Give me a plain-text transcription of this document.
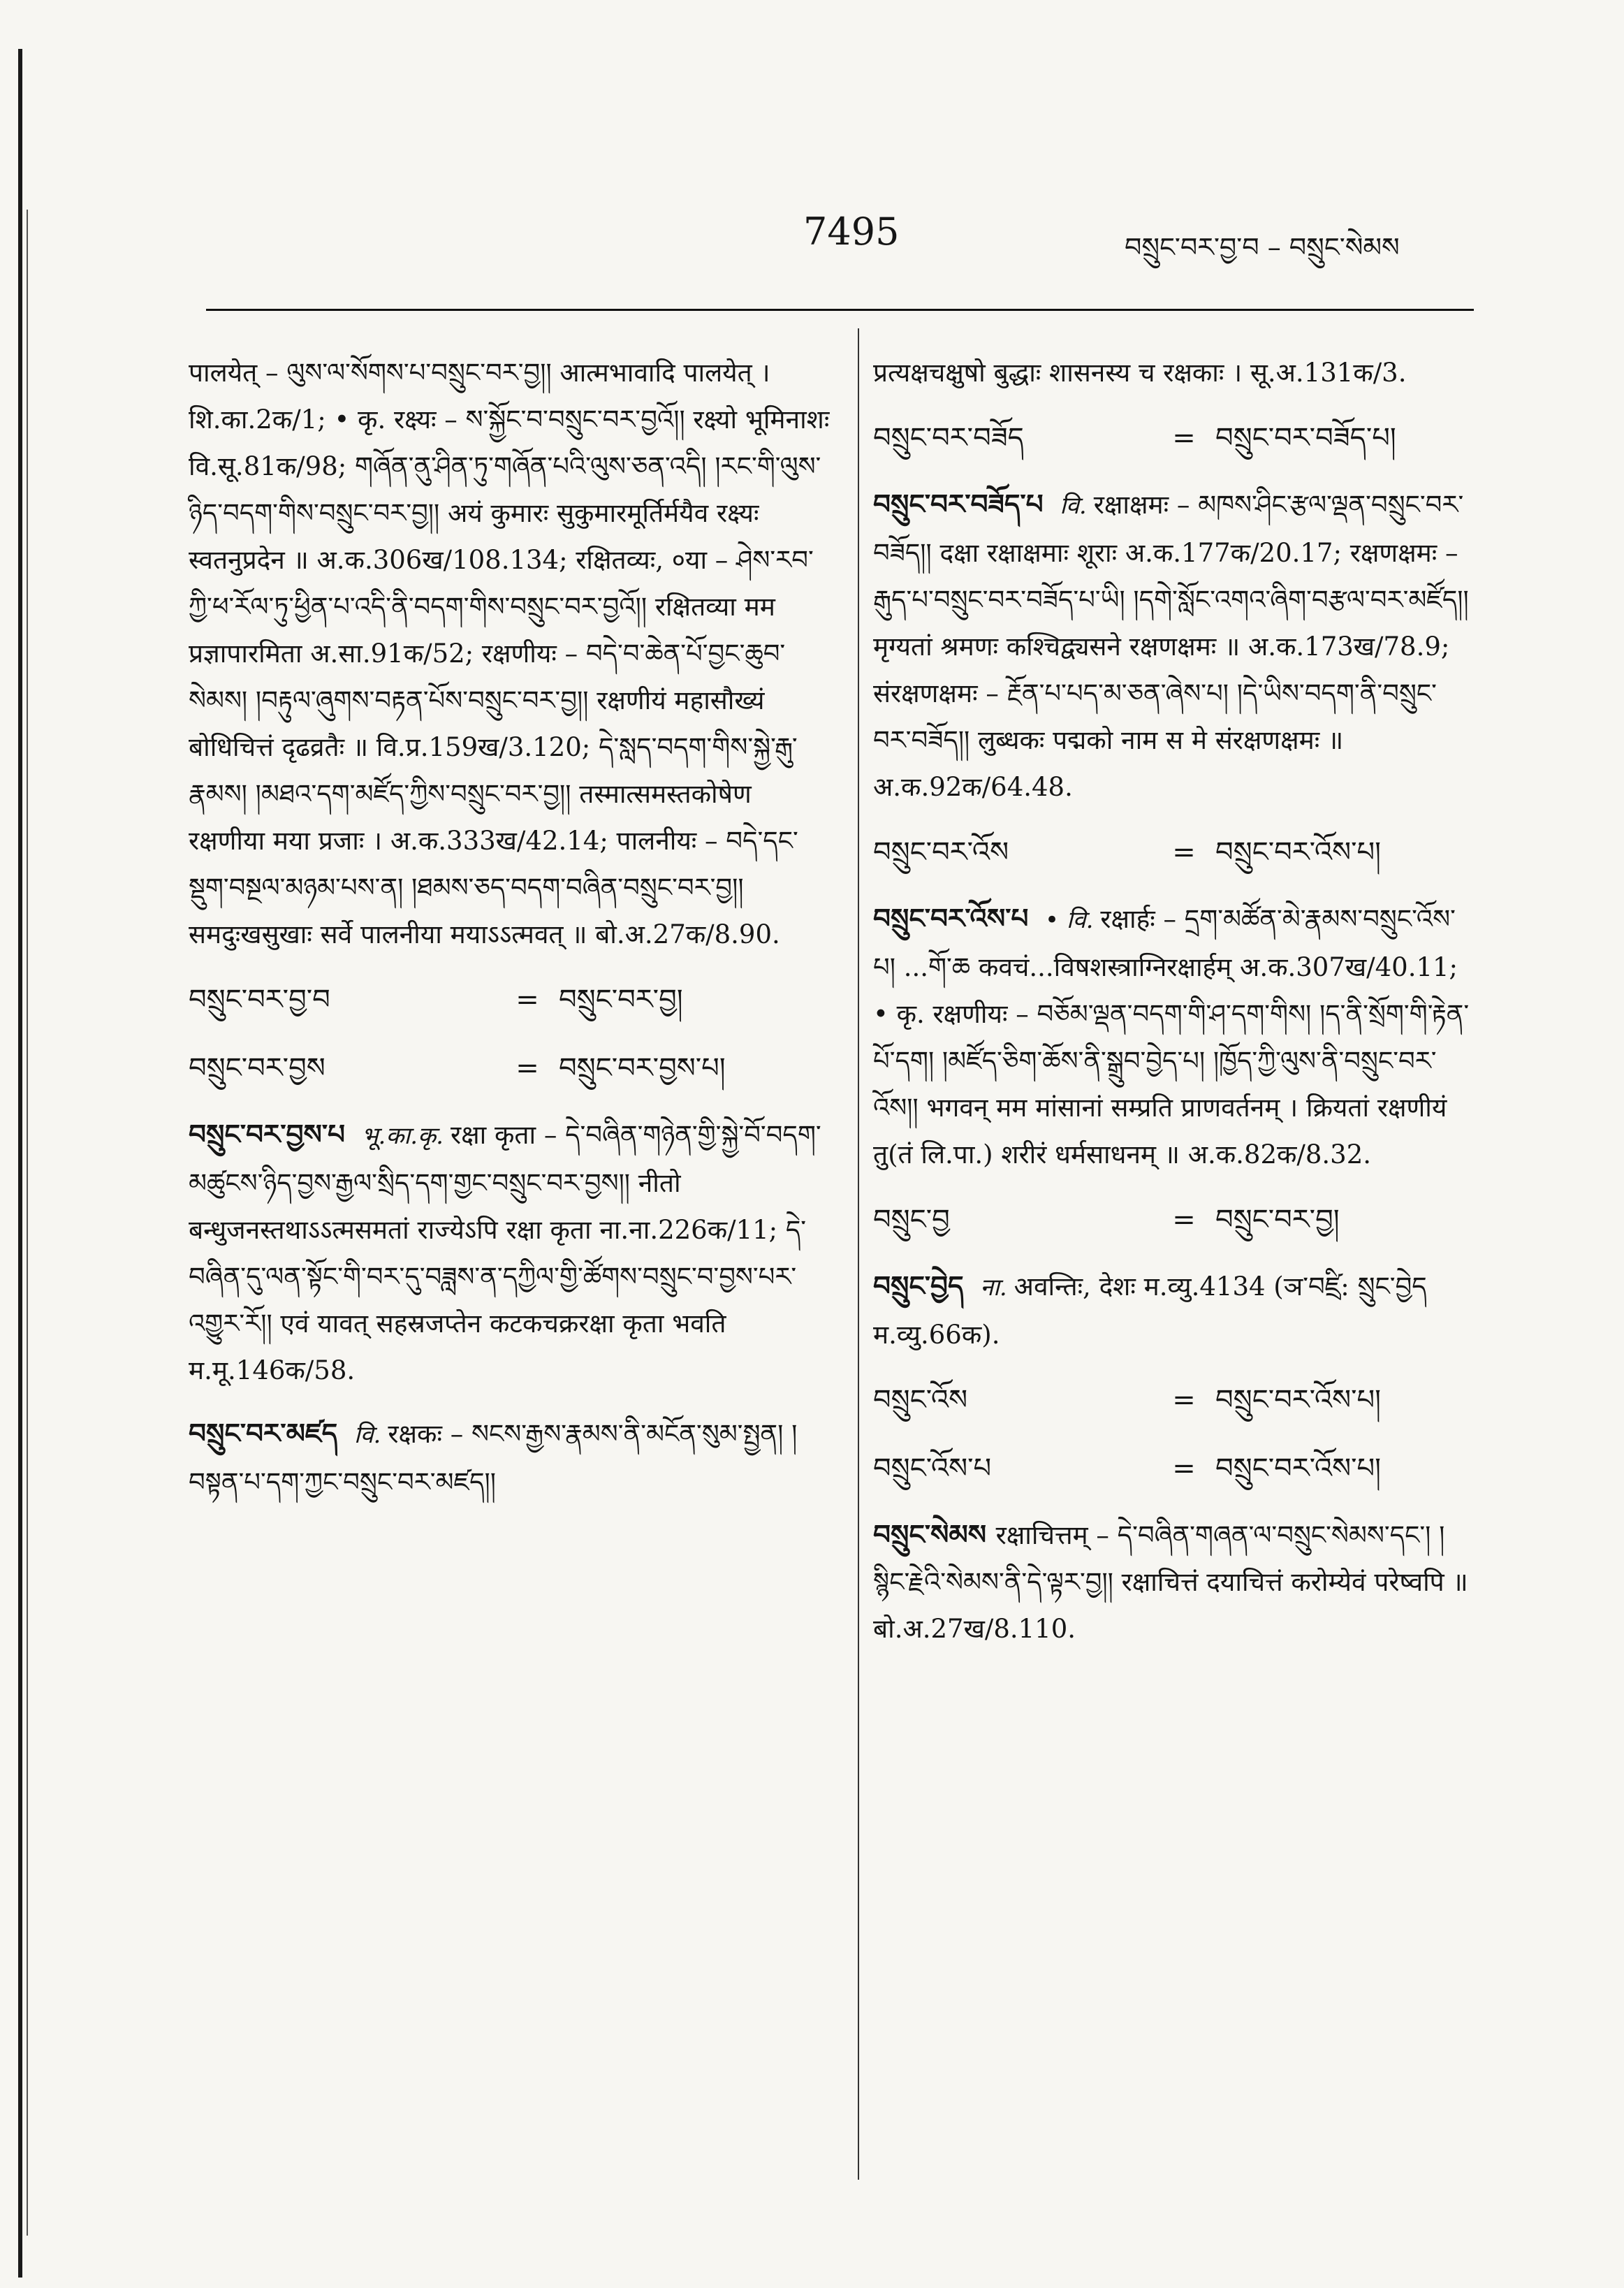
7495	བསྲུང་བར་བྱ་བ – བསྲུང་སེམས
पालयेत् – ལུས་ལ་སོགས་པ་བསྲུང་བར་བྱ།། आत्मभावादि पालयेत् । शि.का.2क/1; • कृ. रक्ष्यः – ས་སྐྱོང་བ་བསྲུང་བར་བྱའོ།། रक्ष्यो भूमिनाशः वि.सू.81क/98; གཞོན་ནུ་ཤིན་ཏུ་གཞོན་པའི་ལུས་ཅན་འདི། །རང་གི་ལུས་ཉིད་བདག་གིས་བསྲུང་བར་བྱ།། अयं कुमारः सुकुमारमूर्तिर्मयैव रक्ष्यः स्वतनुप्रदेन ॥ अ.क.306ख/108.134; रक्षितव्यः, ०या – ཤེས་རབ་ཀྱི་ཕ་རོལ་ཏུ་ཕྱིན་པ་འདི་ནི་བདག་གིས་བསྲུང་བར་བྱའོ།། रक्षितव्या मम प्रज्ञापारमिता अ.सा.91क/52; रक्षणीयः – བདེ་བ་ཆེན་པོ་བྱང་ཆུབ་སེམས། །བརྟུལ་ཞུགས་བརྟན་པོས་བསྲུང་བར་བྱ།། रक्षणीयं महासौख्यं बोधिचित्तं दृढव्रतैः ॥ वि.प्र.159ख/3.120; དེ་སླད་བདག་གིས་སྐྱེ་རྒུ་རྣམས། །མཐའ་དག་མཛོད་ཀྱིས་བསྲུང་བར་བྱ།། तस्मात्समस्तकोषेण रक्षणीया मया प्रजाः । अ.क.333ख/42.14; पालनीयः – བདེ་དང་སྡུག་བསྔལ་མཉམ་པས་ན། །ཐམས་ཅད་བདག་བཞིན་བསྲུང་བར་བྱ།། समदुःखसुखाः सर्वे पालनीया मयाऽऽत्मवत् ॥ बो.अ.27क/8.90.
བསྲུང་བར་བྱ་བ	= བསྲུང་བར་བྱ།
བསྲུང་བར་བྱས	= བསྲུང་བར་བྱས་པ།
བསྲུང་བར་བྱས་པ भू.का.कृ. रक्षा कृता – དེ་བཞིན་གཉེན་གྱི་སྐྱེ་བོ་བདག་མཚུངས་ཉིད་བྱས་རྒྱལ་སྲིད་དག་གྱང་བསྲུང་བར་བྱས།། नीतो बन्धुजनस्तथाऽऽत्मसमतां राज्येऽपि रक्षा कृता ना.ना.226क/11; དེ་བཞིན་དུ་ལན་སྟོང་གི་བར་དུ་བཟླས་ན་དཀྱིལ་གྱི་ཚོགས་བསྲུང་བ་བྱས་པར་འགྱུར་རོ།། एवं यावत् सहस्रजप्तेन कटकचक्ररक्षा कृता भवति म.मू.146क/58.
བསྲུང་བར་མཛད वि. रक्षकः – སངས་རྒྱས་རྣམས་ནི་མངོན་སུམ་སྤྱན། །བསྟན་པ་དག་ཀྱང་བསྲུང་བར་མཛད།།
प्रत्यक्षचक्षुषो बुद्धाः शासनस्य च रक्षकाः । सू.अ.131क/3.
བསྲུང་བར་བཟོད	= བསྲུང་བར་བཟོད་པ།
བསྲུང་བར་བཟོད་པ वि. रक्षाक्षमः – མཁས་ཤིང་རྩལ་ལྡན་བསྲུང་བར་བཟོད།། दक्षा रक्षाक्षमाः शूराः अ.क.177क/20.17; रक्षणक्षमः – རྒུད་པ་བསྲུང་བར་བཟོད་པ་ཡི། །དགེ་སློང་འགའ་ཞིག་བརྩལ་བར་མཛོད།། मृग्यतां श्रमणः कश्चिद्व्यसने रक्षणक्षमः ॥ अ.क.173ख/78.9; संरक्षणक्षमः – རྔོན་པ་པད་མ་ཅན་ཞེས་པ། །དེ་ཡིས་བདག་ནི་བསྲུང་བར་བཟོད།། लुब्धकः पद्मको नाम स मे संरक्षणक्षमः ॥ अ.क.92क/64.48.
བསྲུང་བར་འོས	= བསྲུང་བར་འོས་པ།
བསྲུང་བར་འོས་པ • वि. रक्षार्हः – དྲག་མཚོན་མེ་རྣམས་བསྲུང་འོས་པ། ...གོ་ཆ कवचं...विषशस्त्राग्निरक्षार्हम् अ.क.307ख/40.11; • कृ. रक्षणीयः – བཅོམ་ལྡན་བདག་གི་ཤ་དག་གིས། །ད་ནི་སྲོག་གི་རྟེན་པོ་དག། །མཛོད་ཅིག་ཆོས་ནི་སྒྲུབ་བྱེད་པ། །ཁྱོད་ཀྱི་ལུས་ནི་བསྲུང་བར་འོས།། भगवन् मम मांसानां सम्प्रति प्राणवर्तनम् । क्रियतां रक्षणीयं तु(तं लि.पा.) शरीरं धर्मसाधनम् ॥ अ.क.82क/8.32.
བསྲུང་བྱ	= བསྲུང་བར་བྱ།
བསྲུང་བྱེད ना. अवन्तिः, देशः म.व्यु.4134 (ञ་བཛྲི: སྲུང་བྱེད म.व्यु.66क).
བསྲུང་འོས	= བསྲུང་བར་འོས་པ།
བསྲུང་འོས་པ	= བསྲུང་བར་འོས་པ།
བསྲུང་སེམས रक्षाचित्तम् – དེ་བཞིན་གཞན་ལ་བསྲུང་སེམས་དང་། །སྙིང་རྗེའི་སེམས་ནི་དེ་ལྟར་བྱ།། रक्षाचित्तं दयाचित्तं करोम्येवं परेष्वपि ॥ बो.अ.27ख/8.110.
